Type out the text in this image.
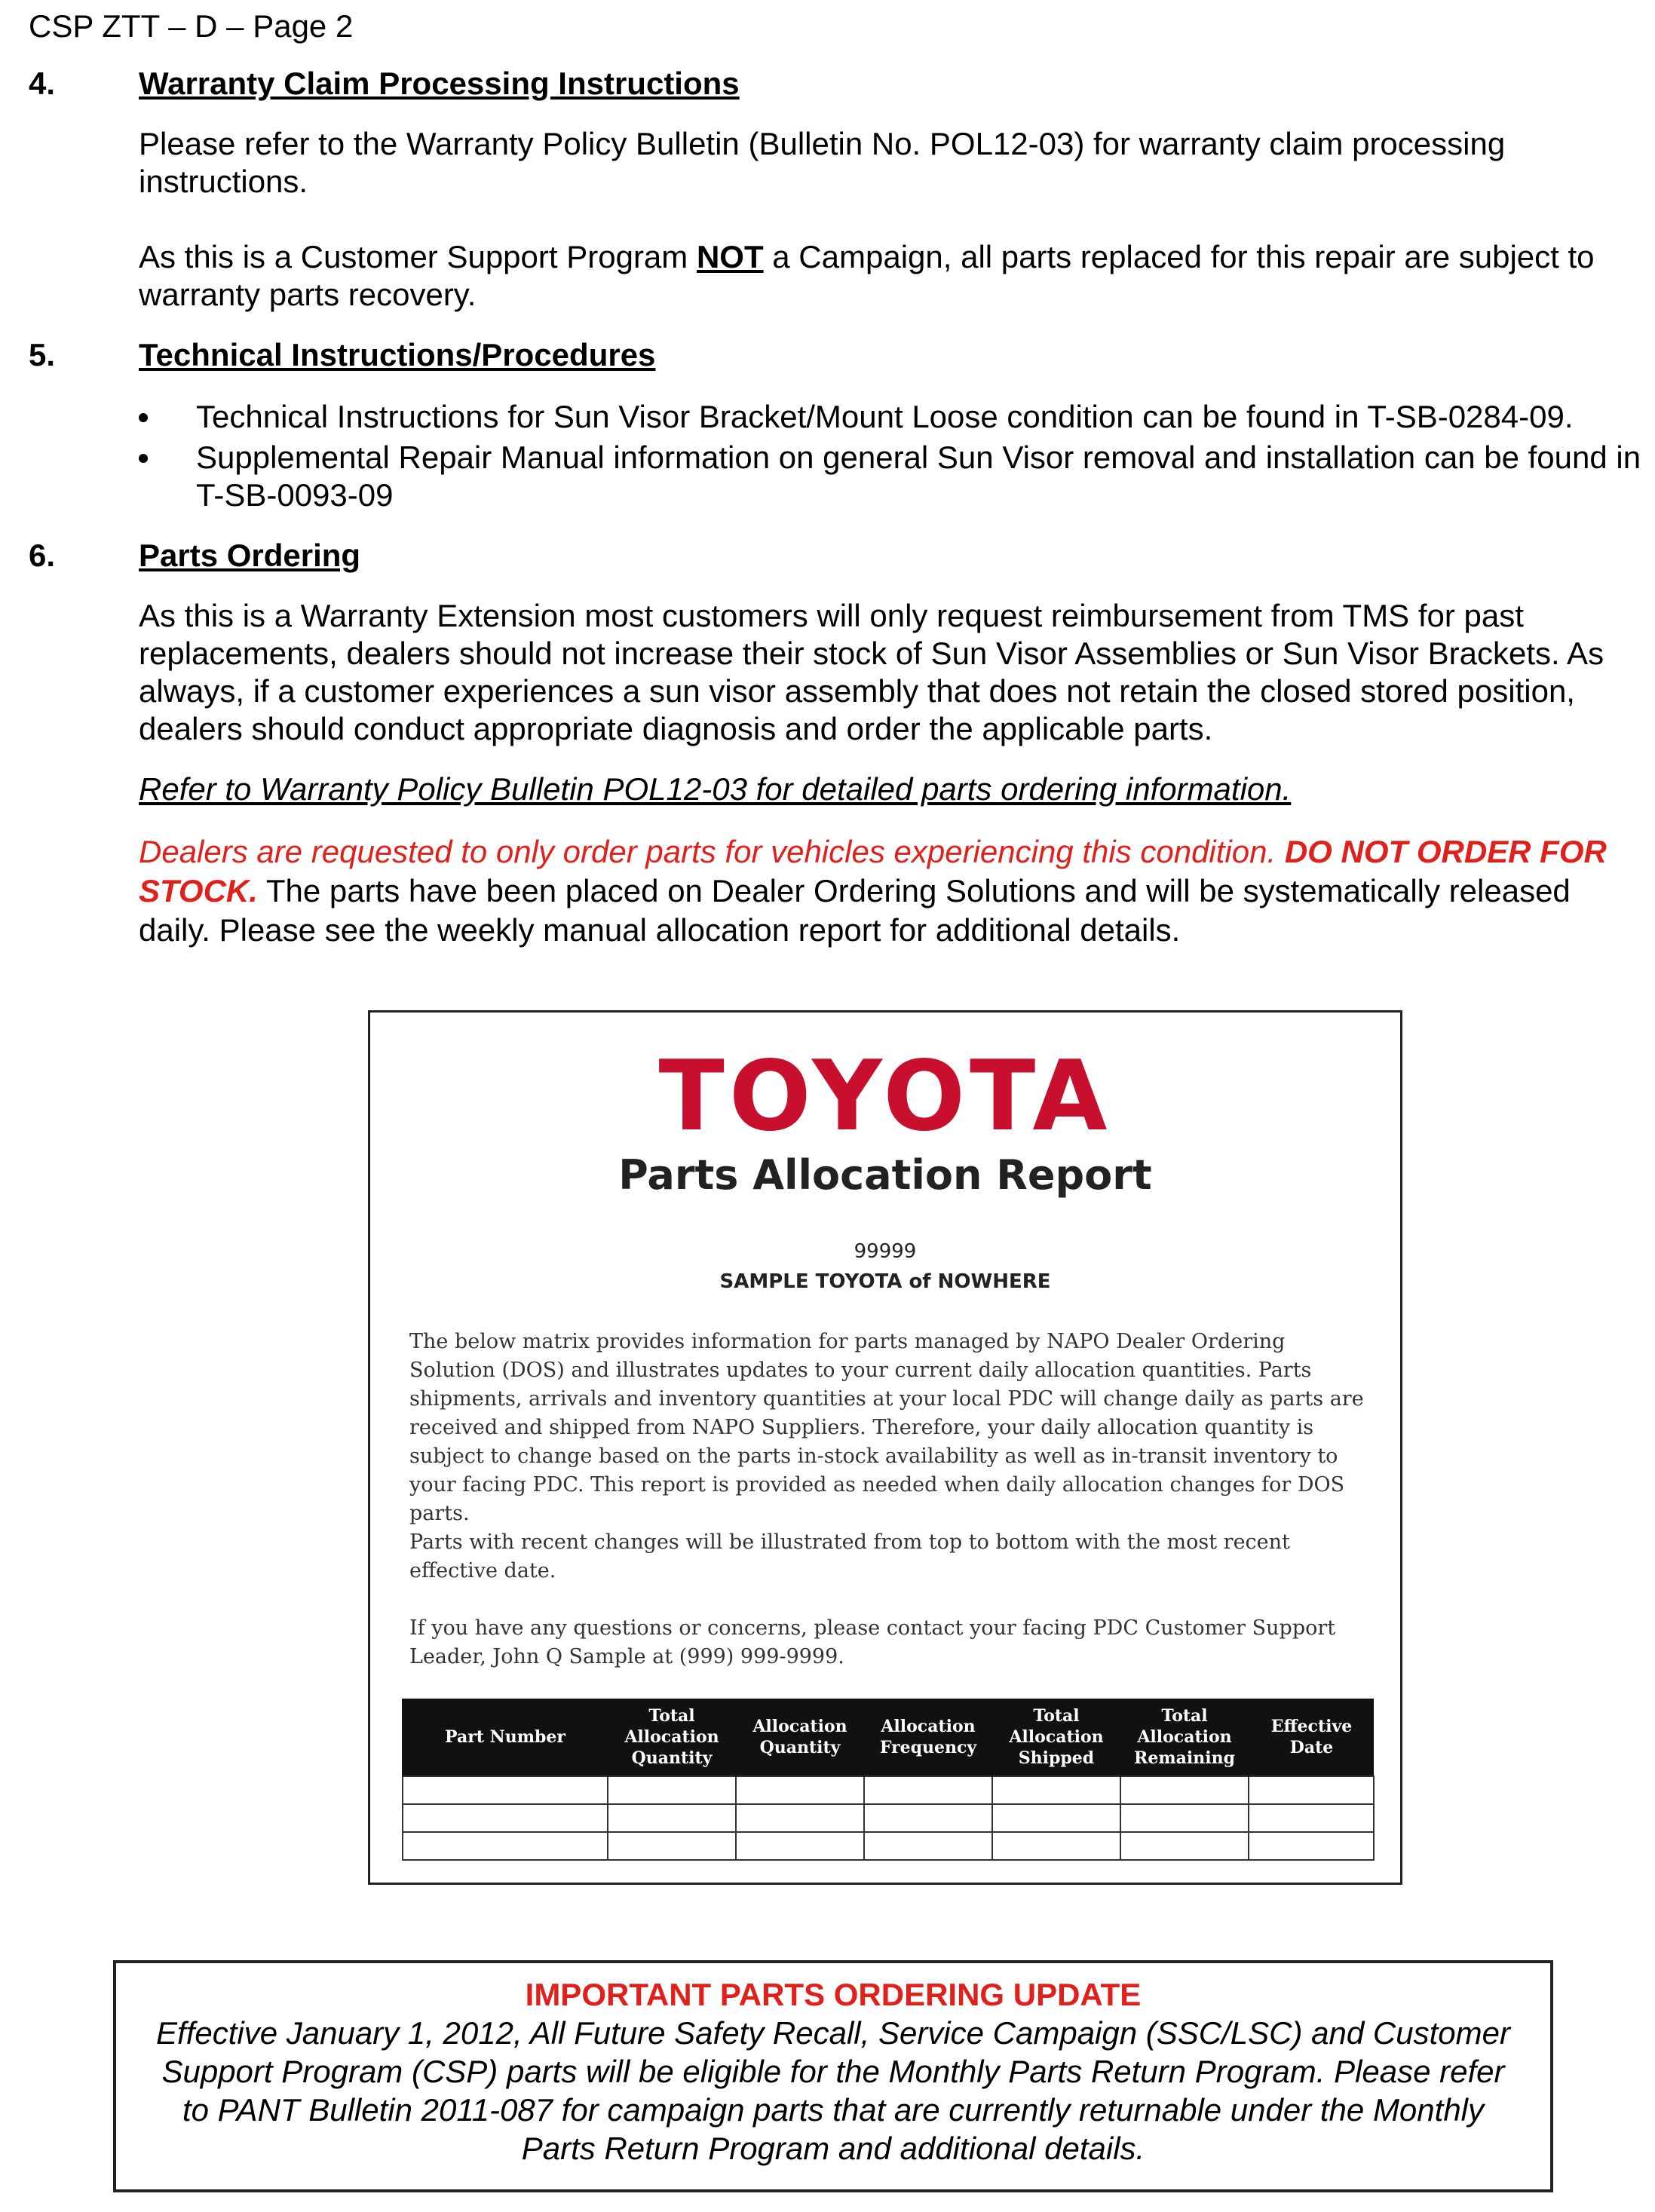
CSP ZTT – D – Page 2
4.	Warranty Claim Processing Instructions
Please refer to the Warranty Policy Bulletin (Bulletin No. POL12-03) for warranty claim processing instructions.
As this is a Customer Support Program NOT a Campaign, all parts replaced for this repair are subject to warranty parts recovery.
5.	Technical Instructions/Procedures
Technical Instructions for Sun Visor Bracket/Mount Loose condition can be found in T-SB-0284-09.
Supplemental Repair Manual information on general Sun Visor removal and installation can be found in T-SB-0093-09
6.	Parts Ordering
As this is a Warranty Extension most customers will only request reimbursement from TMS for past replacements, dealers should not increase their stock of Sun Visor Assemblies or Sun Visor Brackets. As always, if a customer experiences a sun visor assembly that does not retain the closed stored position, dealers should conduct appropriate diagnosis and order the applicable parts.
Refer to Warranty Policy Bulletin POL12-03 for detailed parts ordering information.
Dealers are requested to only order parts for vehicles experiencing this condition. DO NOT ORDER FOR STOCK. The parts have been placed on Dealer Ordering Solutions and will be systematically released daily. Please see the weekly manual allocation report for additional details.
TOYOTA
Parts Allocation Report
99999
SAMPLE TOYOTA of NOWHERE
The below matrix provides information for parts managed by NAPO Dealer Ordering Solution (DOS) and illustrates updates to your current daily allocation quantities. Parts shipments, arrivals and inventory quantities at your local PDC will change daily as parts are received and shipped from NAPO Suppliers. Therefore, your daily allocation quantity is subject to change based on the parts in-stock availability as well as in-transit inventory to your facing PDC. This report is provided as needed when daily allocation changes for DOS parts.
Parts with recent changes will be illustrated from top to bottom with the most recent effective date.
If you have any questions or concerns, please contact your facing PDC Customer Support Leader, John Q Sample at (999) 999-9999.
Part Number	Total Allocation Quantity	Allocation Quantity	Allocation Frequency	Total Allocation Shipped	Total Allocation Remaining	Effective Date

IMPORTANT PARTS ORDERING UPDATE
Effective January 1, 2012, All Future Safety Recall, Service Campaign (SSC/LSC) and Customer Support Program (CSP) parts will be eligible for the Monthly Parts Return Program. Please refer to PANT Bulletin 2011-087 for campaign parts that are currently returnable under the Monthly Parts Return Program and additional details.
